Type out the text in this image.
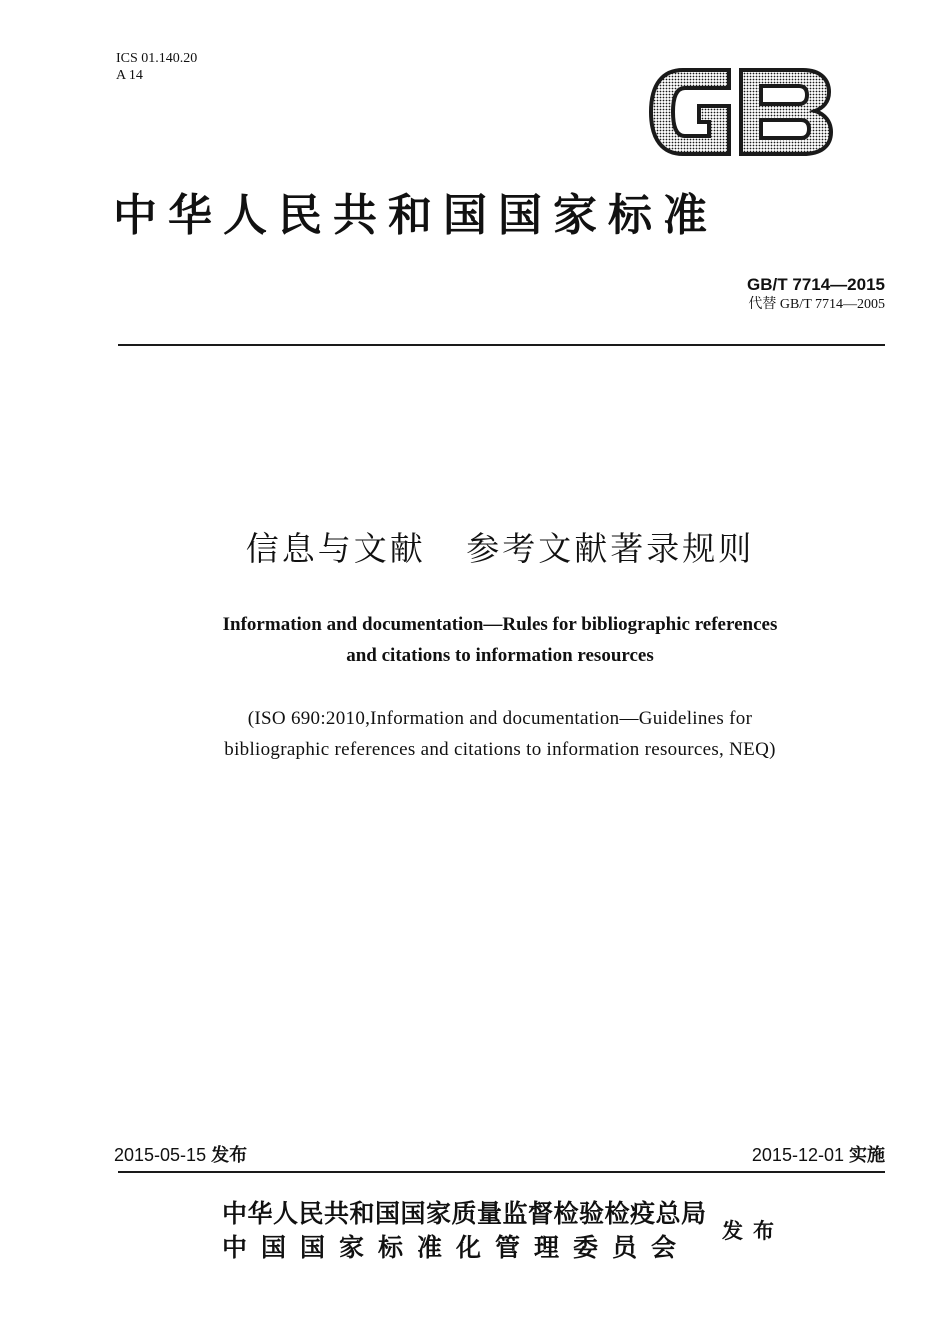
ICS 01.140.20
A 14
中华人民共和国国家标准
GB/T 7714—2015
代替 GB/T 7714—2005
信息与文献   参考文献著录规则
Information and documentation—Rules for bibliographic references
and citations to information resources
(ISO 690:2010,Information and documentation—Guidelines for
bibliographic references and citations to information resources, NEQ)
2015-05-15 发布	2015-12-01 实施
中华人民共和国国家质量监督检验检疫总局
中国国家标准化管理委员会
发布
